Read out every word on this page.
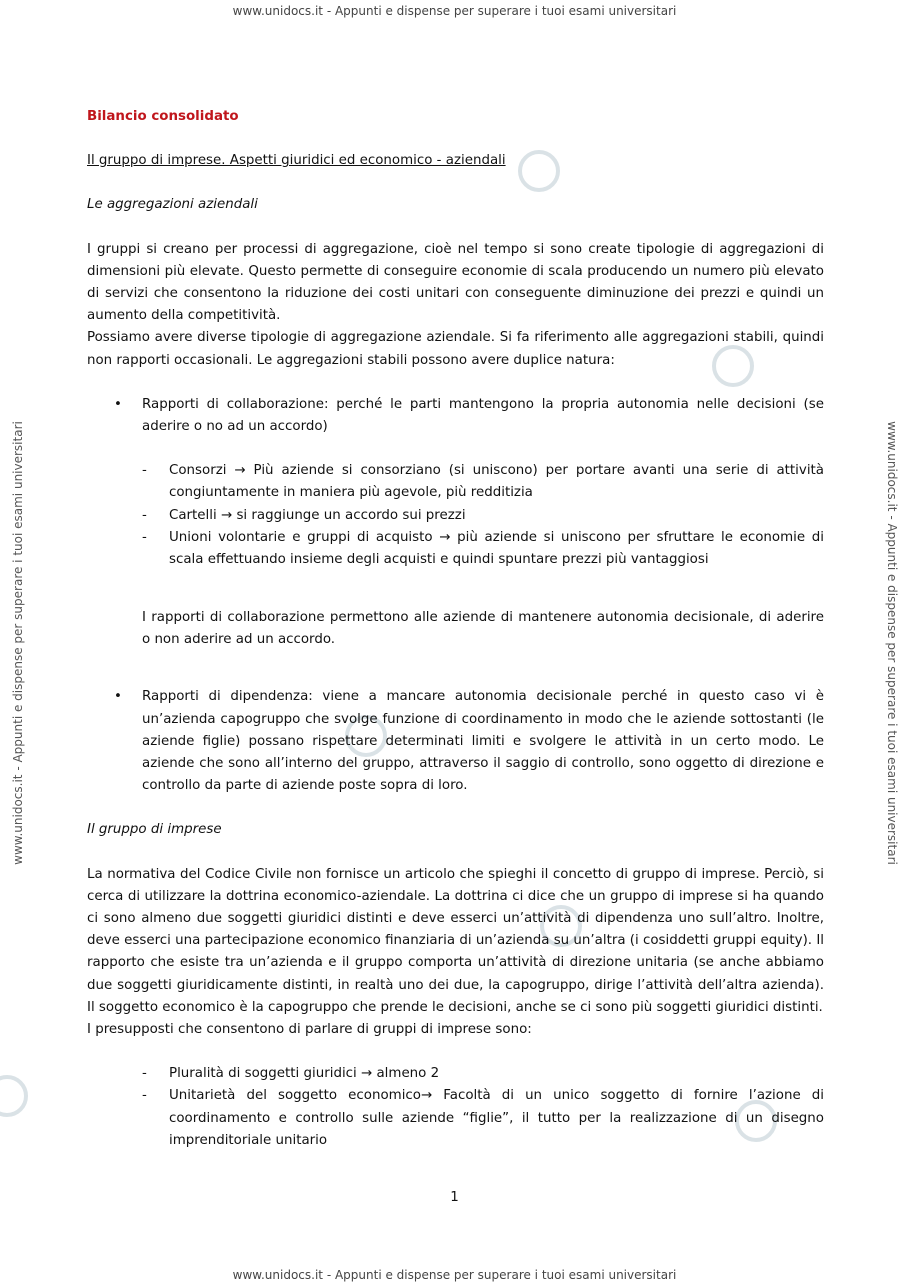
www.unidocs.it - Appunti e dispense per superare i tuoi esami universitari
www.unidocs.it - Appunti e dispense per superare i tuoi esami universitari
www.unidocs.it - Appunti e dispense per superare i tuoi esami universitari	www.unidocs.it - Appunti e dispense per superare i tuoi esami universitari

Bilancio consolidato

Il gruppo di imprese. Aspetti giuridici ed economico - aziendali

Le aggregazioni aziendali

I gruppi si creano per processi di aggregazione, cioè nel tempo si sono create tipologie di aggregazioni di dimensioni più elevate. Questo permette di conseguire economie di scala producendo un numero più elevato di servizi che consentono la riduzione dei costi unitari con conseguente diminuzione dei prezzi e quindi un aumento della competitività.

Possiamo avere diverse tipologie di aggregazione aziendale. Si fa riferimento alle aggregazioni stabili, quindi non rapporti occasionali. Le aggregazioni stabili possono avere duplice natura:

• Rapporti di collaborazione: perché le parti mantengono la propria autonomia nelle decisioni (se aderire o no ad un accordo)
- Consorzi → Più aziende si consorziano (si uniscono) per portare avanti una serie di attività congiuntamente in maniera più agevole, più redditizia
- Cartelli → si raggiunge un accordo sui prezzi
- Unioni volontarie e gruppi di acquisto → più aziende si uniscono per sfruttare le economie di scala effettuando insieme degli acquisti e quindi spuntare prezzi più vantaggiosi

I rapporti di collaborazione permettono alle aziende di mantenere autonomia decisionale, di aderire o non aderire ad un accordo.

• Rapporti di dipendenza: viene a mancare autonomia decisionale perché in questo caso vi è un’azienda capogruppo che svolge funzione di coordinamento in modo che le aziende sottostanti (le aziende figlie) possano rispettare determinati limiti e svolgere le attività in un certo modo. Le aziende che sono all’interno del gruppo, attraverso il saggio di controllo, sono oggetto di direzione e controllo da parte di aziende poste sopra di loro.

Il gruppo di imprese

La normativa del Codice Civile non fornisce un articolo che spieghi il concetto di gruppo di imprese. Perciò, si cerca di utilizzare la dottrina economico-aziendale. La dottrina ci dice che un gruppo di imprese si ha quando ci sono almeno due soggetti giuridici distinti e deve esserci un’attività di dipendenza uno sull’altro. Inoltre, deve esserci una partecipazione economico finanziaria di un’azienda su un’altra (i cosiddetti gruppi equity). Il rapporto che esiste tra un’azienda e il gruppo comporta un’attività di direzione unitaria (se anche abbiamo due soggetti giuridicamente distinti, in realtà uno dei due, la capogruppo, dirige l’attività dell’altra azienda). Il soggetto economico è la capogruppo che prende le decisioni, anche se ci sono più soggetti giuridici distinti.

I presupposti che consentono di parlare di gruppi di imprese sono:

- Pluralità di soggetti giuridici → almeno 2
- Unitarietà del soggetto economico→ Facoltà di un unico soggetto di fornire l’azione di coordinamento e controllo sulle aziende “figlie”, il tutto per la realizzazione di un disegno imprenditoriale unitario
1
